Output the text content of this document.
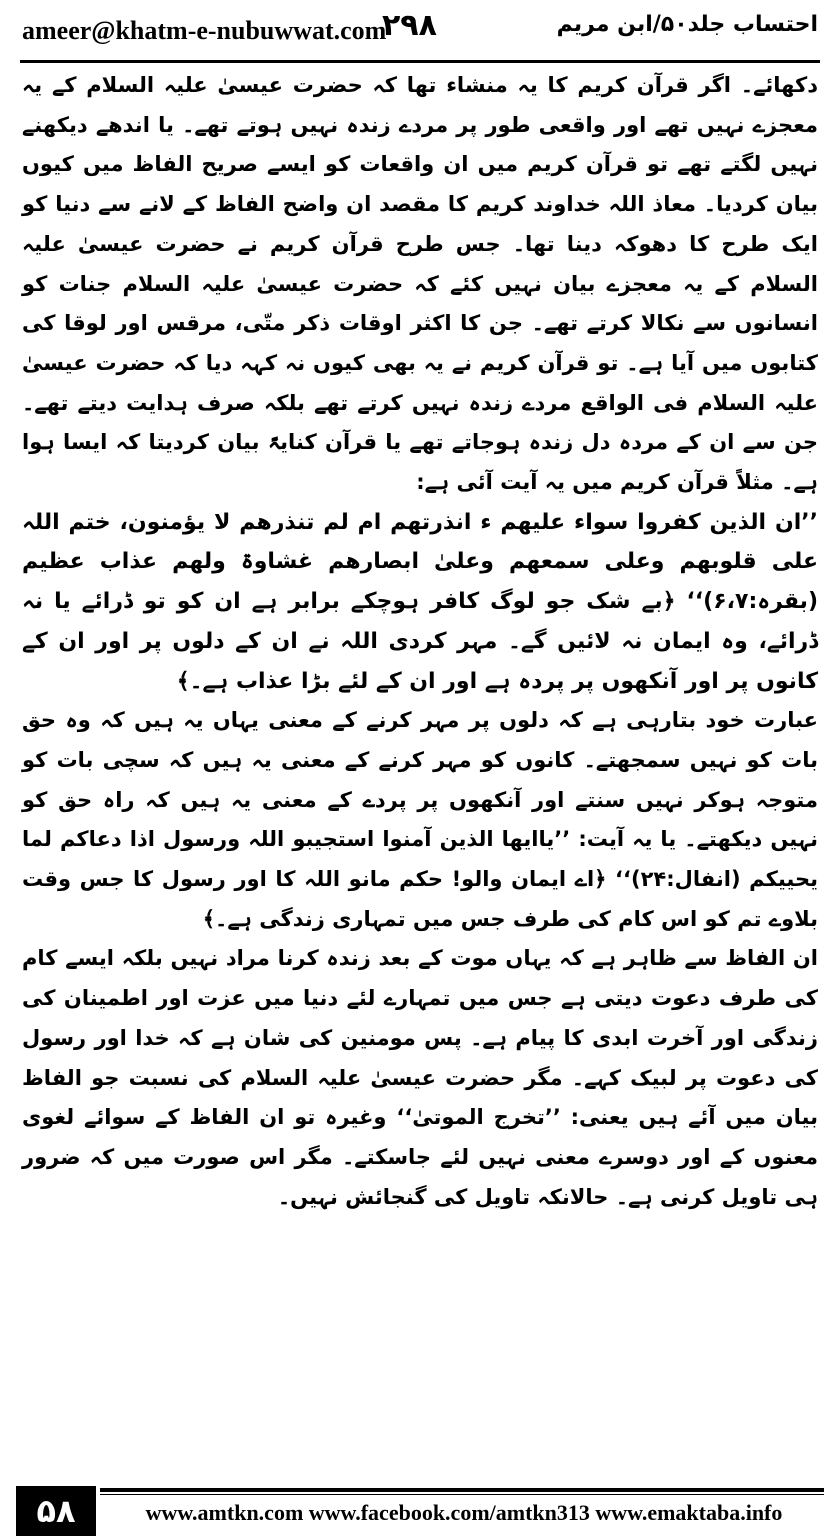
ameer@khatm-e-nubuwwat.com
۲۹۸	احتساب جلد۵۰/ابن مریم

دکھائے۔ اگر قرآن کریم کا یہ منشاء تھا کہ حضرت عیسیٰ علیہ السلام کے یہ معجزے نہیں تھے اور واقعی طور پر مردے زندہ نہیں ہوتے تھے۔ یا اندھے دیکھنے نہیں لگتے تھے تو قرآن کریم میں ان واقعات کو ایسے صریح الفاظ میں کیوں بیان کردیا۔ معاذ اللہ خداوند کریم کا مقصد ان واضح الفاظ کے لانے سے دنیا کو ایک طرح کا دھوکہ دینا تھا۔ جس طرح قرآن کریم نے حضرت عیسیٰ علیہ السلام کے یہ معجزے بیان نہیں کئے کہ حضرت عیسیٰ علیہ السلام جنات کو انسانوں سے نکالا کرتے تھے۔ جن کا اکثر اوقات ذکر متّی، مرقس اور لوقا کی کتابوں میں آیا ہے۔ تو قرآن کریم نے یہ بھی کیوں نہ کہہ دیا کہ حضرت عیسیٰ علیہ السلام فی الواقع مردے زندہ نہیں کرتے تھے بلکہ صرف ہدایت دیتے تھے۔ جن سے ان کے مردہ دل زندہ ہوجاتے تھے یا قرآن کنایۃً بیان کردیتا کہ ایسا ہوا ہے۔ مثلاً قرآن کریم میں یہ آیت آئی ہے:

’’ان الذین کفروا سواء علیھم ء انذرتھم ام لم تنذرھم لا یؤمنون، ختم اللہ علی قلوبھم وعلی سمعھم وعلیٰ ابصارھم غشاوۃ ولھم عذاب عظیم (بقرہ:۶،۷)‘‘ ﴿بے شک جو لوگ کافر ہوچکے برابر ہے ان کو تو ڈرائے یا نہ ڈرائے، وہ ایمان نہ لائیں گے۔ مہر کردی اللہ نے ان کے دلوں پر اور ان کے کانوں پر اور آنکھوں پر پردہ ہے اور ان کے لئے بڑا عذاب ہے۔﴾

عبارت خود بتارہی ہے کہ دلوں پر مہر کرنے کے معنی یہاں یہ ہیں کہ وہ حق بات کو نہیں سمجھتے۔ کانوں کو مہر کرنے کے معنی یہ ہیں کہ سچی بات کو متوجہ ہوکر نہیں سنتے اور آنکھوں پر پردے کے معنی یہ ہیں کہ راہ حق کو نہیں دیکھتے۔ یا یہ آیت: ’’یاایھا الذین آمنوا استجیبو اللہ ورسول اذا دعاکم لما یحییکم (انفال:۲۴)‘‘ ﴿اے ایمان والو! حکم مانو اللہ کا اور رسول کا جس وقت بلاوے تم کو اس کام کی طرف جس میں تمہاری زندگی ہے۔﴾

ان الفاظ سے ظاہر ہے کہ یہاں موت کے بعد زندہ کرنا مراد نہیں بلکہ ایسے کام کی طرف دعوت دیتی ہے جس میں تمہارے لئے دنیا میں عزت اور اطمینان کی زندگی اور آخرت ابدی کا پیام ہے۔ پس مومنین کی شان ہے کہ خدا اور رسول کی دعوت پر لبیک کہے۔ مگر حضرت عیسیٰ علیہ السلام کی نسبت جو الفاظ بیان میں آئے ہیں یعنی: ’’تخرج الموتیٰ‘‘ وغیرہ تو ان الفاظ کے سوائے لغوی معنوں کے اور دوسرے معنی نہیں لئے جاسکتے۔ مگر اس صورت میں کہ ضرور ہی تاویل کرنی ہے۔ حالانکہ تاویل کی گنجائش نہیں۔

۵۸	www.amtkn.com www.facebook.com/amtkn313 www.emaktaba.info
